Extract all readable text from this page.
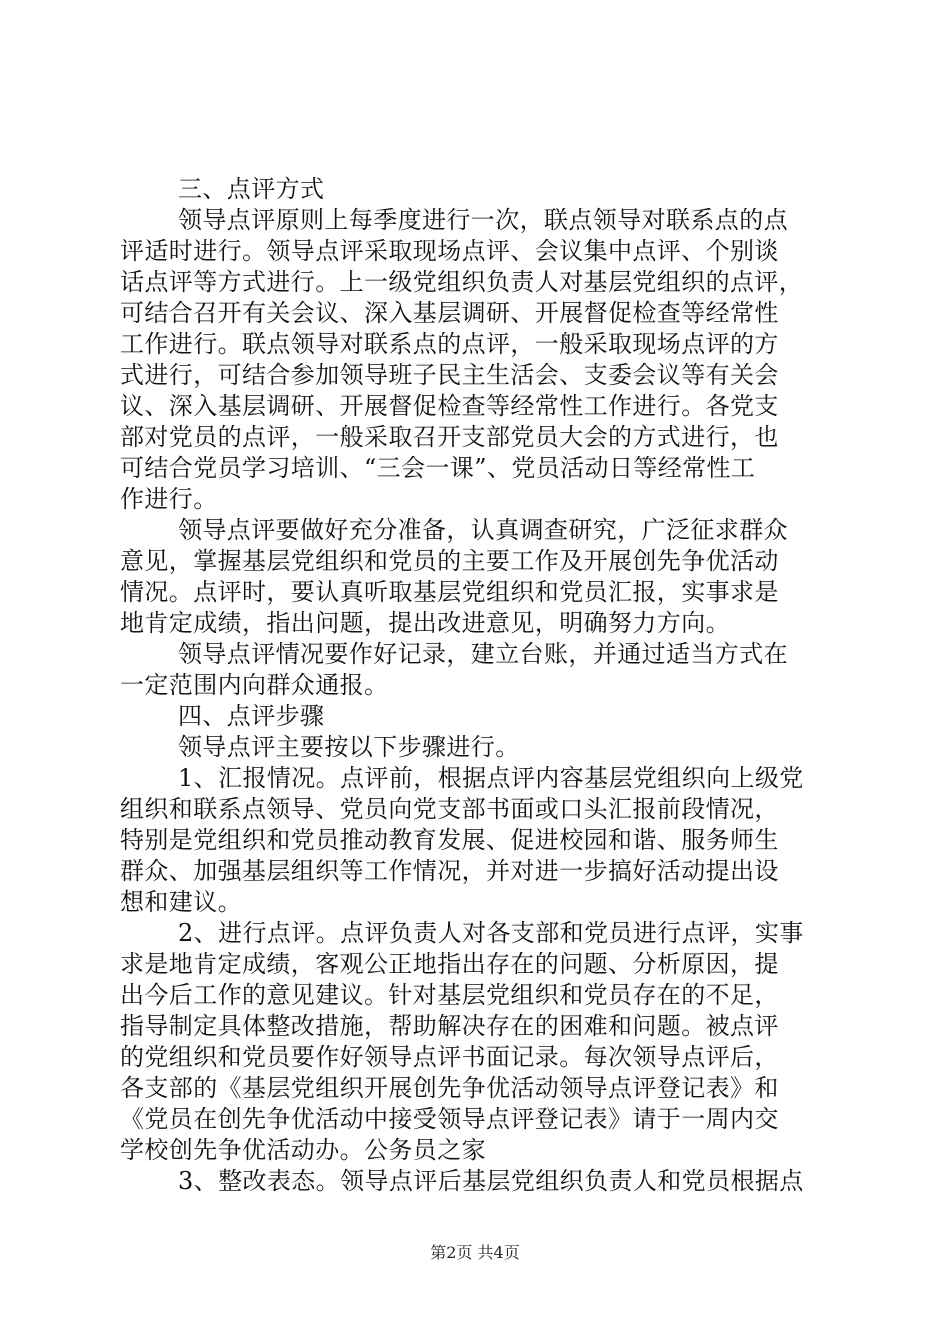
三、点评方式
领导点评原则上每季度进行一次，联点领导对联系点的点
评适时进行。领导点评采取现场点评、会议集中点评、个别谈
话点评等方式进行。上一级党组织负责人对基层党组织的点评，
可结合召开有关会议、深入基层调研、开展督促检查等经常性
工作进行。联点领导对联系点的点评，一般采取现场点评的方
式进行，可结合参加领导班子民主生活会、支委会议等有关会
议、深入基层调研、开展督促检查等经常性工作进行。各党支
部对党员的点评，一般采取召开支部党员大会的方式进行，也
可结合党员学习培训、“三会一课”、党员活动日等经常性工
作进行。
领导点评要做好充分准备，认真调查研究，广泛征求群众
意见，掌握基层党组织和党员的主要工作及开展创先争优活动
情况。点评时，要认真听取基层党组织和党员汇报，实事求是
地肯定成绩，指出问题，提出改进意见，明确努力方向。
领导点评情况要作好记录，建立台账，并通过适当方式在
一定范围内向群众通报。
四、点评步骤
领导点评主要按以下步骤进行。
1、汇报情况。点评前，根据点评内容基层党组织向上级党
组织和联系点领导、党员向党支部书面或口头汇报前段情况，
特别是党组织和党员推动教育发展、促进校园和谐、服务师生
群众、加强基层组织等工作情况，并对进一步搞好活动提出设
想和建议。
2、进行点评。点评负责人对各支部和党员进行点评，实事
求是地肯定成绩，客观公正地指出存在的问题、分析原因，提
出今后工作的意见建议。针对基层党组织和党员存在的不足，
指导制定具体整改措施，帮助解决存在的困难和问题。被点评
的党组织和党员要作好领导点评书面记录。每次领导点评后，
各支部的《基层党组织开展创先争优活动领导点评登记表》和
《党员在创先争优活动中接受领导点评登记表》请于一周内交
学校创先争优活动办。公务员之家
3、整改表态。领导点评后基层党组织负责人和党员根据点
第2页 共4页
